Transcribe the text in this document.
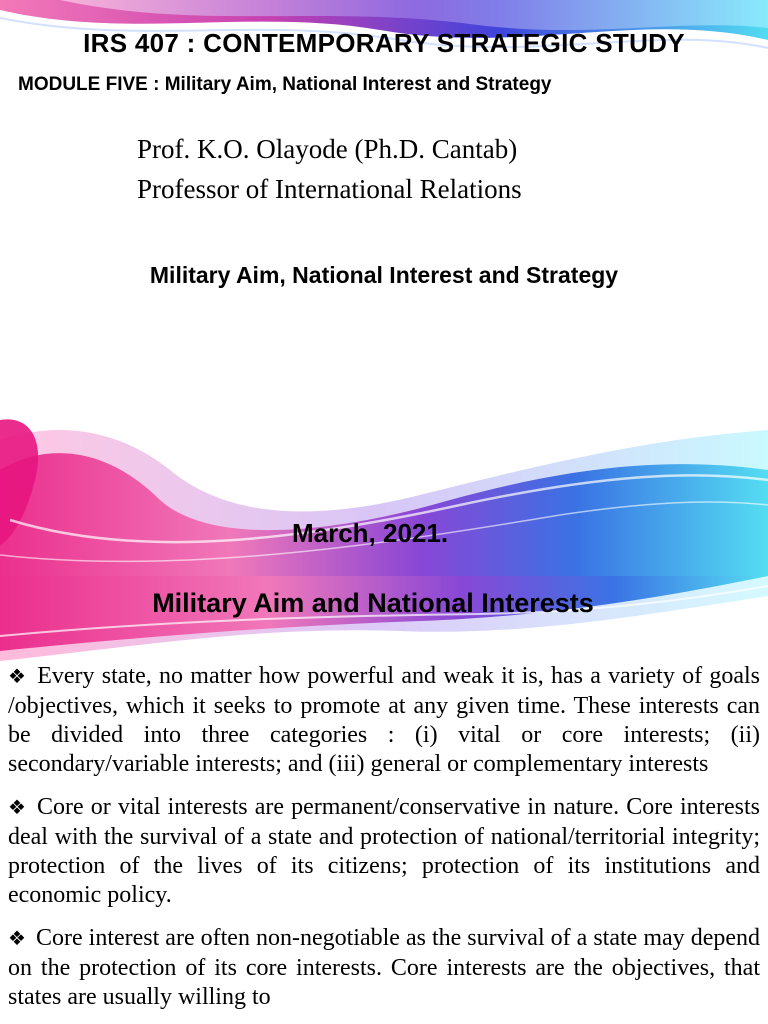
IRS 407 : CONTEMPORARY STRATEGIC STUDY
MODULE FIVE : Military Aim, National Interest and Strategy
Prof. K.O. Olayode (Ph.D. Cantab)
Professor of International Relations
Military Aim, National Interest and Strategy
March, 2021.
Military Aim and National Interests
❖ Every state, no matter how powerful and weak it is, has a variety of goals /objectives, which it seeks to promote at any given time. These interests can be divided into three categories : (i) vital or core interests; (ii) secondary/variable interests; and (iii) general or complementary interests
❖ Core or vital interests are permanent/conservative in nature. Core interests deal with the survival of a state and protection of national/territorial integrity; protection of the lives of its citizens; protection of its institutions and economic policy.
❖ Core interest are often non-negotiable as the survival of a state may depend on the protection of its core interests. Core interests are the objectives, that states are usually willing to
